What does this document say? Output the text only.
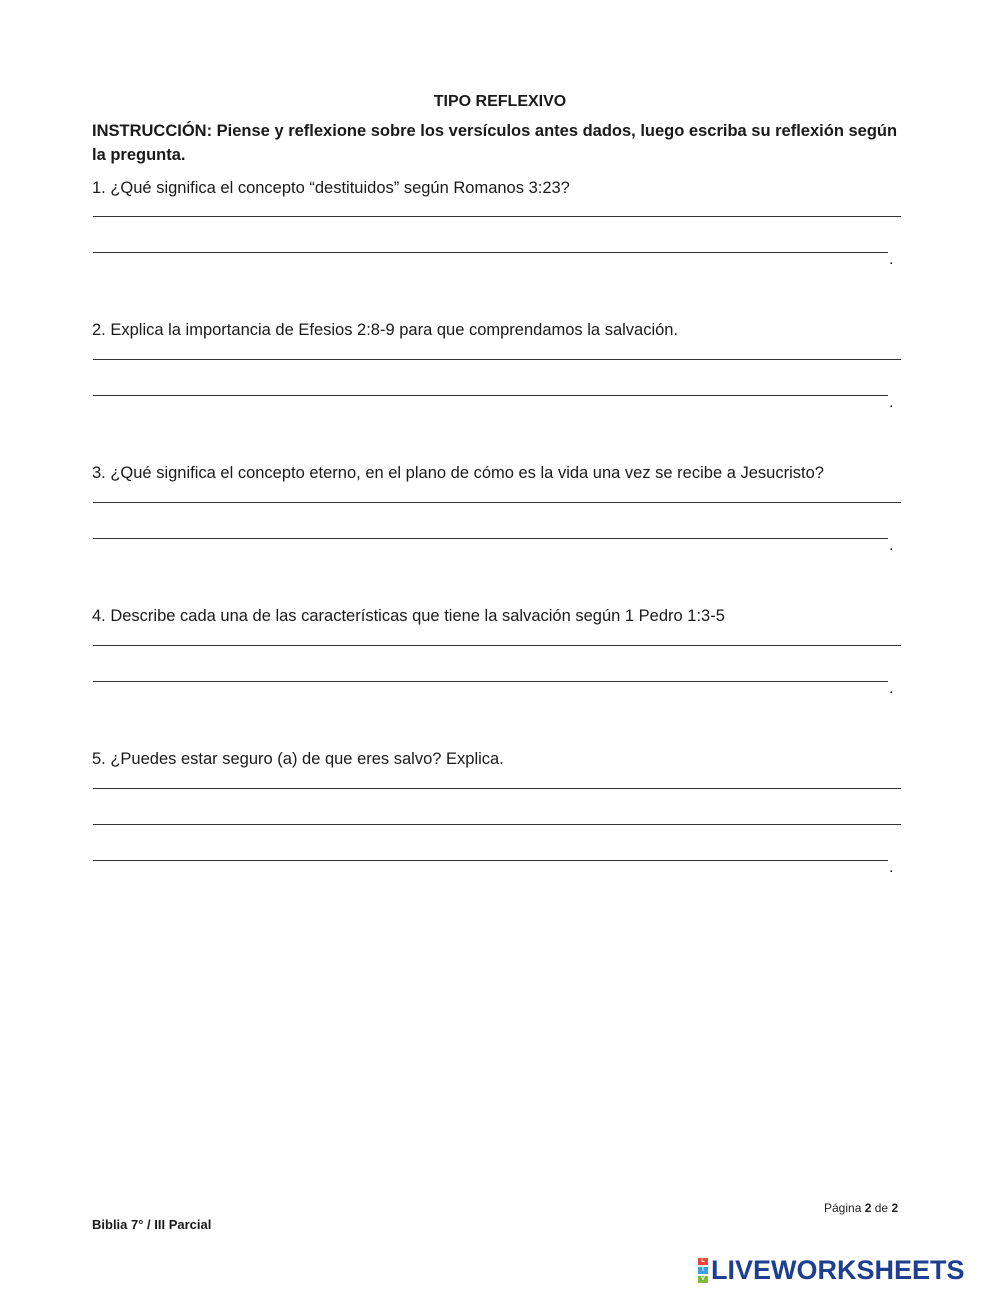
TIPO REFLEXIVO
INSTRUCCIÓN: Piense y reflexione sobre los versículos antes dados, luego escriba su reflexión según la pregunta.
1. ¿Qué significa el concepto “destituidos” según Romanos 3:23?
.
2. Explica la importancia de Efesios 2:8-9 para que comprendamos la salvación.
.
3. ¿Qué significa el concepto eterno, en el plano de cómo es la vida una vez se recibe a Jesucristo?
.
4. Describe cada una de las características que tiene la salvación según 1 Pedro 1:3-5
.
5. ¿Puedes estar seguro (a) de que eres salvo? Explica.
.
Página 2 de 2
Biblia 7° / III Parcial
L
I
V LIVEWORKSHEETS
